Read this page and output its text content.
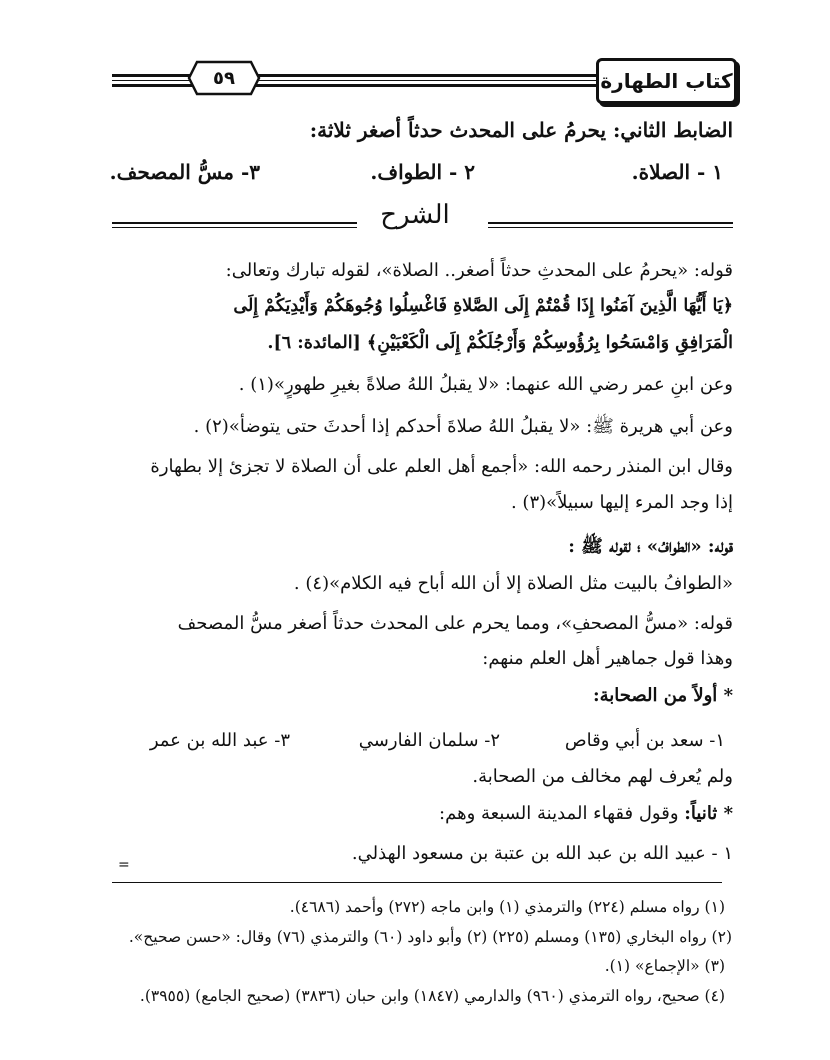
٥٩	كتاب الطهارة
الضابط الثاني: يحرمُ على المحدث حدثاً أصغر ثلاثة:
١ - الصلاة.
٢ - الطواف.
٣- مسُّ المصحف.
الشرح
قوله: «يحرمُ على المحدثِ حدثاً أصغر.. الصلاة»، لقوله تبارك وتعالى:
﴿يَا أَيُّهَا الَّذِينَ آمَنُوا إِذَا قُمْتُمْ إِلَى الصَّلاةِ فَاغْسِلُوا وُجُوهَكُمْ وَأَيْدِيَكُمْ إِلَى
الْمَرَافِقِ وَامْسَحُوا بِرُؤُوسِكُمْ وَأَرْجُلَكُمْ إِلَى الْكَعْبَيْنِ﴾ [المائدة: ٦].
وعن ابنِ عمر رضي الله عنهما: «لا يقبلُ اللهُ صلاةً بغيرِ طهورٍ»(١) .
وعن أبي هريرة ﷺ: «لا يقبلُ اللهُ صلاةَ أحدكم إذا أحدثَ حتى يتوضأ»(٢) .
وقال ابن المنذر رحمه الله: «أجمع أهل العلم على أن الصلاة لا تجزئ إلا بطهارة
إذا وجد المرء إليها سبيلاً»(٣) .
قوله: «الطوافُ» ؛ لقوله ﷺ :
«الطوافُ بالبيت مثل الصلاة إلا أن الله أباح فيه الكلام»(٤) .
قوله: «مسُّ المصحفِ»، ومما يحرم على المحدث حدثاً أصغر مسُّ المصحف
وهذا قول جماهير أهل العلم منهم:
* أولاً من الصحابة:
١- سعد بن أبي وقاص
٢- سلمان الفارسي
٣- عبد الله بن عمر
ولم يُعرف لهم مخالف من الصحابة.
* ثانياً: وقول فقهاء المدينة السبعة وهم:
١ - عبيد الله بن عبد الله بن عتبة بن مسعود الهذلي.
=
(١) رواه مسلم (٢٢٤) والترمذي (١) وابن ماجه (٢٧٢) وأحمد (٤٦٨٦).
(٢) رواه البخاري (١٣٥) ومسلم (٢٢٥) (٢) وأبو داود (٦٠) والترمذي (٧٦) وقال: «حسن صحيح».
(٣) «الإجماع» (١).
(٤) صحيح، رواه الترمذي (٩٦٠) والدارمي (١٨٤٧) وابن حبان (٣٨٣٦) (صحيح الجامع) (٣٩٥٥).
